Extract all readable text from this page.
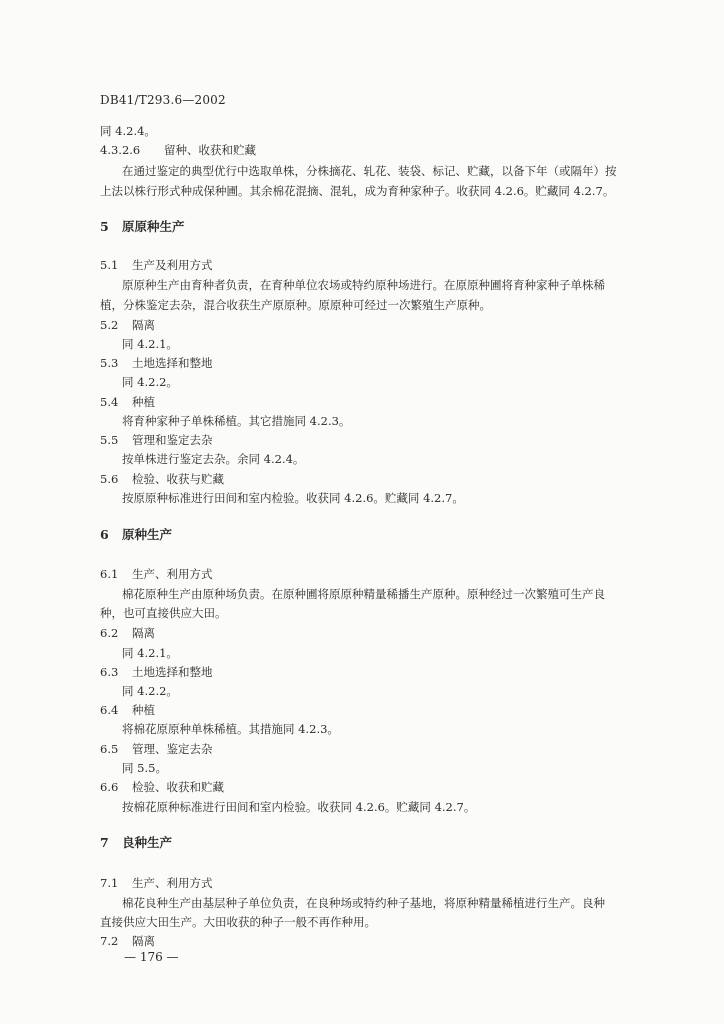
DB41/T293.6—2002
同 4.2.4。
4.3.2.6 留种、收获和贮藏
在通过鉴定的典型优行中选取单株，分株摘花、轧花、装袋、标记、贮藏，以备下年（或隔年）按
上法以株行形式种成保种圃。其余棉花混摘、混轧，成为育种家种子。收获同 4.2.6。贮藏同 4.2.7。
5 原原种生产
5.1 生产及利用方式
原原种生产由育种者负责，在育种单位农场或特约原种场进行。在原原种圃将育种家种子单株稀
植，分株鉴定去杂，混合收获生产原原种。原原种可经过一次繁殖生产原种。
5.2 隔离
同 4.2.1。
5.3 土地选择和整地
同 4.2.2。
5.4 种植
将育种家种子单株稀植。其它措施同 4.2.3。
5.5 管理和鉴定去杂
按单株进行鉴定去杂。余同 4.2.4。
5.6 检验、收获与贮藏
按原原种标准进行田间和室内检验。收获同 4.2.6。贮藏同 4.2.7。
6 原种生产
6.1 生产、利用方式
棉花原种生产由原种场负责。在原种圃将原原种精量稀播生产原种。原种经过一次繁殖可生产良
种，也可直接供应大田。
6.2 隔离
同 4.2.1。
6.3 土地选择和整地
同 4.2.2。
6.4 种植
将棉花原原种单株稀植。其措施同 4.2.3。
6.5 管理、鉴定去杂
同 5.5。
6.6 检验、收获和贮藏
按棉花原种标准进行田间和室内检验。收获同 4.2.6。贮藏同 4.2.7。
7 良种生产
7.1 生产、利用方式
棉花良种生产由基层种子单位负责，在良种场或特约种子基地，将原种精量稀植进行生产。良种
直接供应大田生产。大田收获的种子一般不再作种用。
7.2 隔离
— 176 —
